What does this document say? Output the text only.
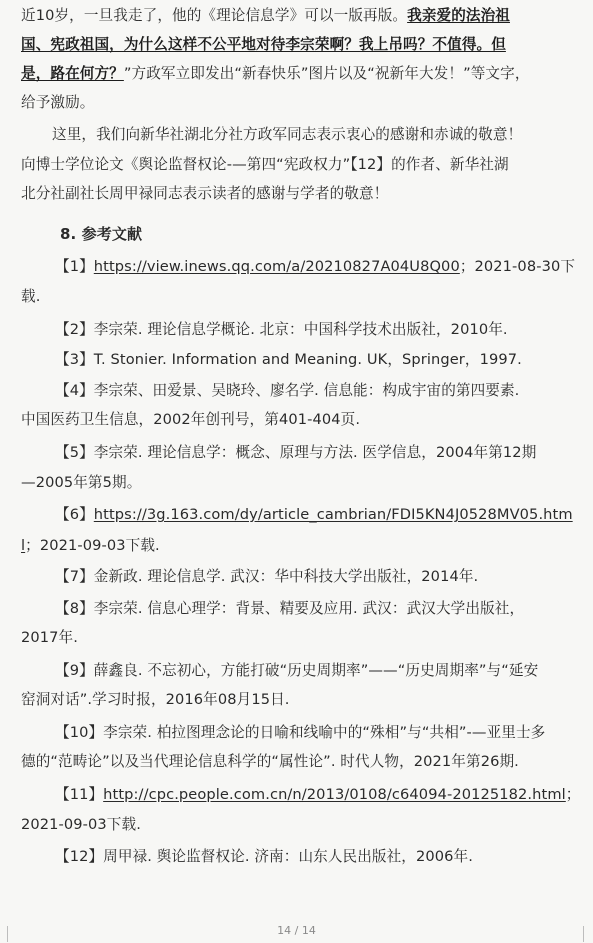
近10岁，一旦我走了，他的《理论信息学》可以一版再版。我亲爱的法治祖
国、宪政祖国，为什么这样不公平地对待李宗荣啊？我上吊吗？不值得。但
是，路在何方？”方政军立即发出“新春快乐”图片以及“祝新年大发！”等文字，
给予激励。
这里，我们向新华社湖北分社方政军同志表示衷心的感谢和赤诚的敬意！
向博士学位论文《舆论监督权论-—第四“宪政权力”【12】的作者、新华社湖
北分社副社长周甲禄同志表示读者的感谢与学者的敬意！
8. 参考文献
【1】https://view.inews.qq.com/a/20210827A04U8Q00；2021-08-30下
载.
【2】李宗荣. 理论信息学概论. 北京：中国科学技术出版社，2010年.
【3】T. Stonier. Information and Meaning. UK，Springer，1997.
【4】李宗荣、田爱景、吴晓玲、廖名学. 信息能：构成宇宙的第四要素.
中国医药卫生信息，2002年创刊号，第401-404页.
【5】李宗荣. 理论信息学：概念、原理与方法. 医学信息，2004年第12期
—2005年第5期。
【6】https://3g.163.com/dy/article_cambrian/FDI5KN4J0528MV05.htm
l；2021-09-03下载.
【7】金新政. 理论信息学. 武汉：华中科技大学出版社，2014年.
【8】李宗荣. 信息心理学：背景、精要及应用. 武汉：武汉大学出版社，
2017年.
【9】薛鑫良. 不忘初心，方能打破“历史周期率”——“历史周期率”与“延安
窑洞对话”.学习时报，2016年08月15日.
【10】李宗荣. 柏拉图理念论的日喻和线喻中的“殊相”与“共相”-—亚里士多
德的“范畴论”以及当代理论信息科学的“属性论”. 时代人物，2021年第26期.
【11】http://cpc.people.com.cn/n/2013/0108/c64094-20125182.html；
2021-09-03下载.
【12】周甲禄. 舆论监督权论. 济南：山东人民出版社，2006年.
14 / 14
